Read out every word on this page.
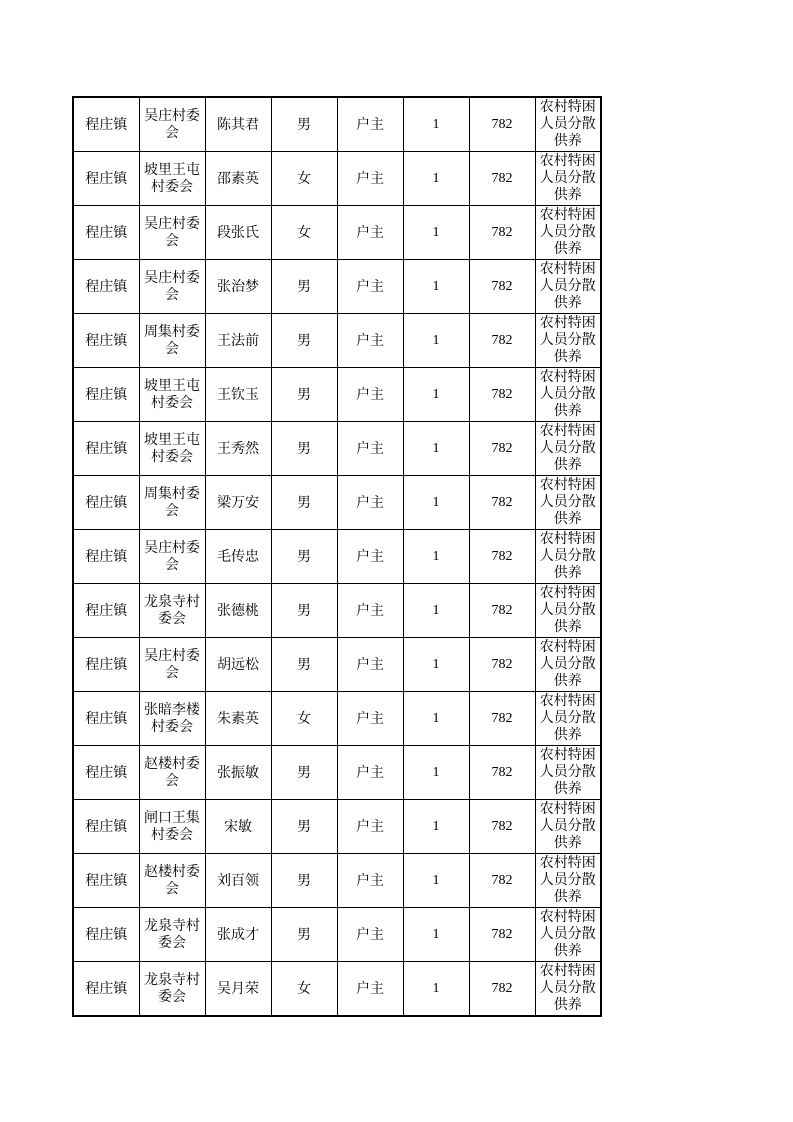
程庄镇	吴庄村委会	陈其君	男	户主	1	782	农村特困人员分散供养
程庄镇	坡里王屯村委会	邵素英	女	户主	1	782	农村特困人员分散供养
程庄镇	吴庄村委会	段张氏	女	户主	1	782	农村特困人员分散供养
程庄镇	吴庄村委会	张治梦	男	户主	1	782	农村特困人员分散供养
程庄镇	周集村委会	王法前	男	户主	1	782	农村特困人员分散供养
程庄镇	坡里王屯村委会	王钦玉	男	户主	1	782	农村特困人员分散供养
程庄镇	坡里王屯村委会	王秀然	男	户主	1	782	农村特困人员分散供养
程庄镇	周集村委会	梁万安	男	户主	1	782	农村特困人员分散供养
程庄镇	吴庄村委会	毛传忠	男	户主	1	782	农村特困人员分散供养
程庄镇	龙泉寺村委会	张德桃	男	户主	1	782	农村特困人员分散供养
程庄镇	吴庄村委会	胡远松	男	户主	1	782	农村特困人员分散供养
程庄镇	张暗李楼村委会	朱素英	女	户主	1	782	农村特困人员分散供养
程庄镇	赵楼村委会	张振敏	男	户主	1	782	农村特困人员分散供养
程庄镇	闸口王集村委会	宋敏	男	户主	1	782	农村特困人员分散供养
程庄镇	赵楼村委会	刘百领	男	户主	1	782	农村特困人员分散供养
程庄镇	龙泉寺村委会	张成才	男	户主	1	782	农村特困人员分散供养
程庄镇	龙泉寺村委会	吴月荣	女	户主	1	782	农村特困人员分散供养
